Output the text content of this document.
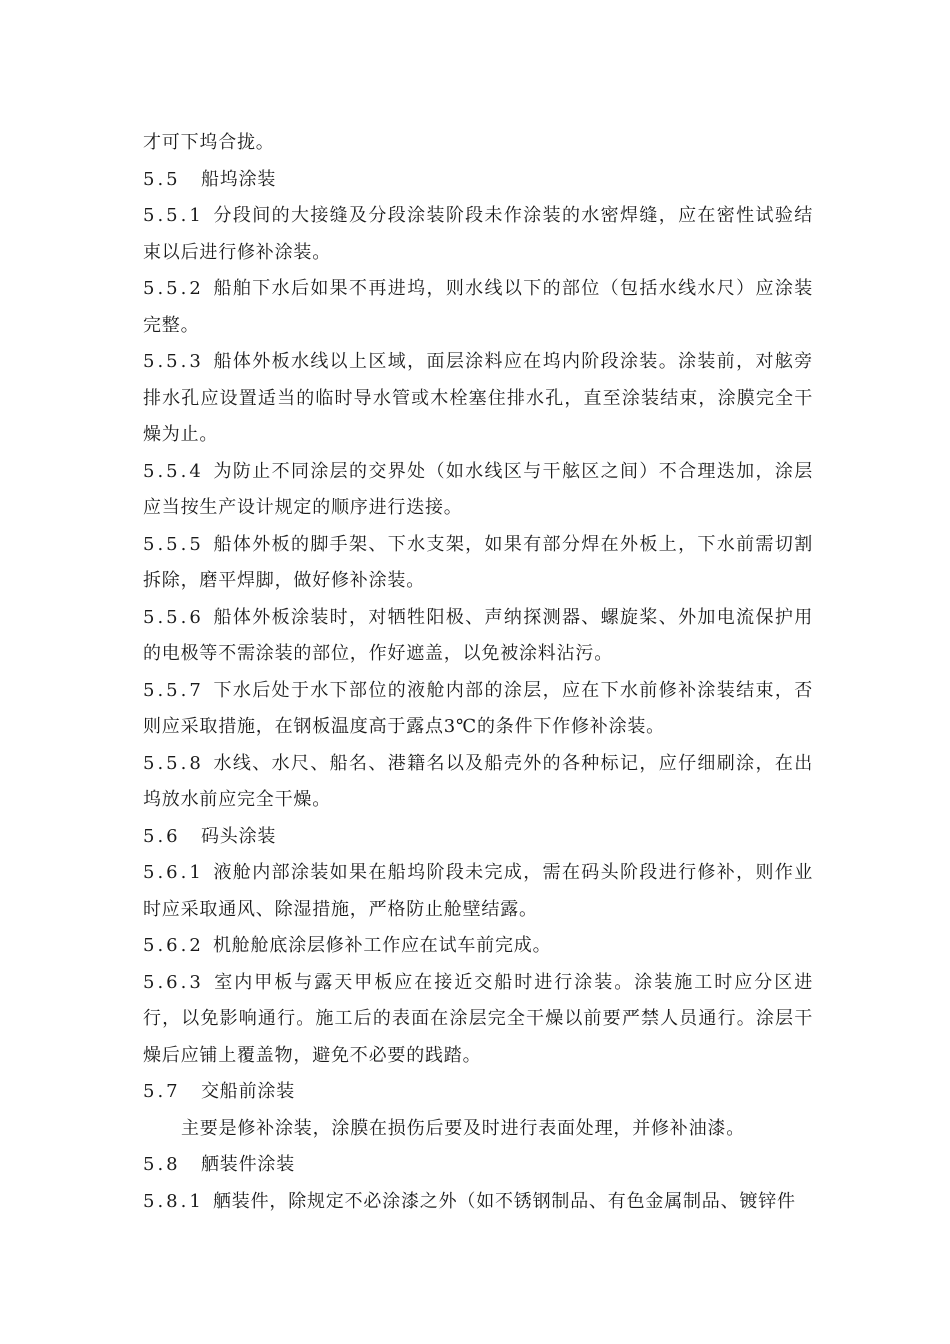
才可下坞合拢。

5.5 船坞涂装

5.5.1 分段间的大接缝及分段涂装阶段未作涂装的水密焊缝，应在密性试验结束以后进行修补涂装。

5.5.2 船舶下水后如果不再进坞，则水线以下的部位（包括水线水尺）应涂装完整。

5.5.3 船体外板水线以上区域，面层涂料应在坞内阶段涂装。涂装前，对舷旁排水孔应设置适当的临时导水管或木栓塞住排水孔，直至涂装结束，涂膜完全干燥为止。

5.5.4 为防止不同涂层的交界处（如水线区与干舷区之间）不合理迭加，涂层应当按生产设计规定的顺序进行迭接。

5.5.5 船体外板的脚手架、下水支架，如果有部分焊在外板上，下水前需切割拆除，磨平焊脚，做好修补涂装。

5.5.6 船体外板涂装时，对牺牲阳极、声纳探测器、螺旋桨、外加电流保护用的电极等不需涂装的部位，作好遮盖，以免被涂料沾污。

5.5.7 下水后处于水下部位的液舱内部的涂层，应在下水前修补涂装结束，否则应采取措施，在钢板温度高于露点3℃的条件下作修补涂装。

5.5.8 水线、水尺、船名、港籍名以及船壳外的各种标记，应仔细刷涂，在出坞放水前应完全干燥。

5.6 码头涂装

5.6.1 液舱内部涂装如果在船坞阶段未完成，需在码头阶段进行修补，则作业时应采取通风、除湿措施，严格防止舱壁结露。

5.6.2 机舱舱底涂层修补工作应在试车前完成。

5.6.3 室内甲板与露天甲板应在接近交船时进行涂装。涂装施工时应分区进行，以免影响通行。施工后的表面在涂层完全干燥以前要严禁人员通行。涂层干燥后应铺上覆盖物，避免不必要的践踏。

5.7 交船前涂装

主要是修补涂装，涂膜在损伤后要及时进行表面处理，并修补油漆。

5.8 舾装件涂装

5.8.1 舾装件，除规定不必涂漆之外（如不锈钢制品、有色金属制品、镀锌件
